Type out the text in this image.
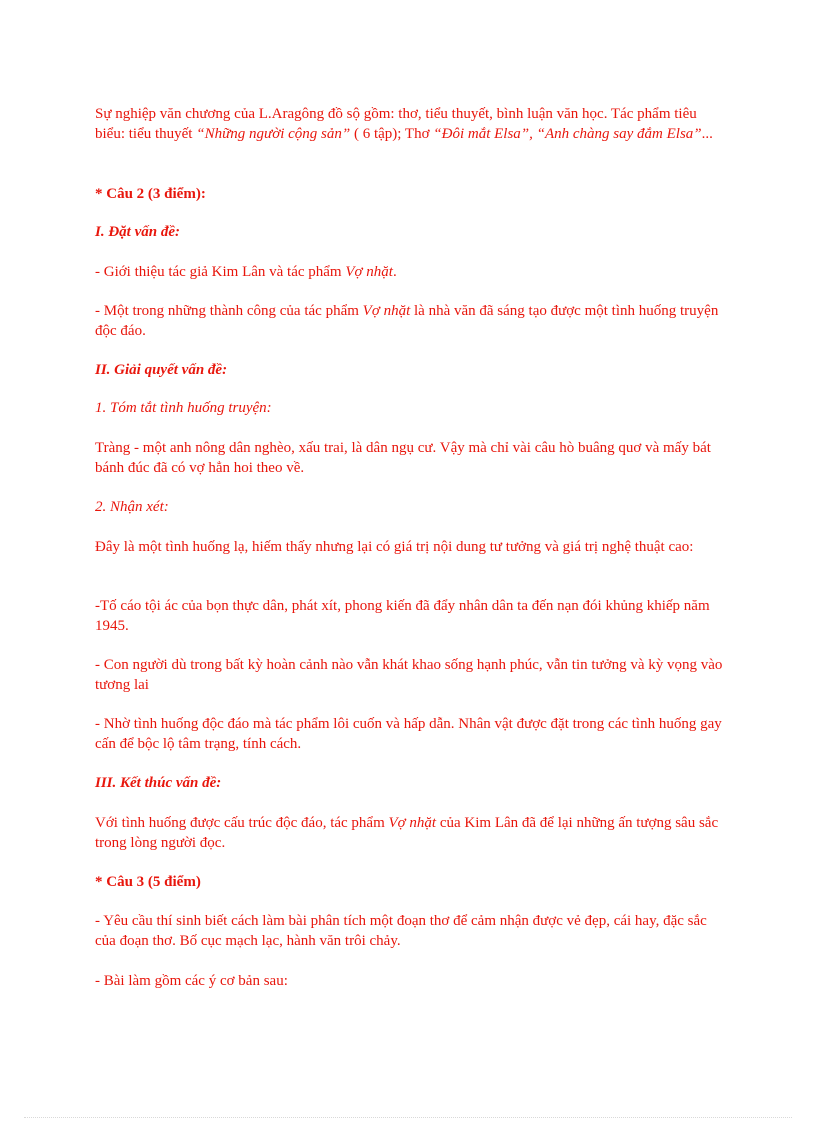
Sự nghiệp văn chương của L.Aragông đồ sộ gồm: thơ, tiểu thuyết, bình luận văn học. Tác phẩm tiêu biểu: tiểu thuyết “Những người cộng sản” ( 6 tập); Thơ “Đôi mắt Elsa”, “Anh chàng say đắm Elsa”...

* Câu 2 (3 điểm):

I. Đặt vấn đề:

- Giới thiệu tác giả Kim Lân và tác phẩm Vợ nhặt.

- Một trong những thành công của tác phẩm Vợ nhặt là nhà văn đã sáng tạo được một tình huống truyện độc đáo.

II. Giải quyết vấn đề:

1. Tóm tắt tình huống truyện:

Tràng - một anh nông dân nghèo, xấu trai, là dân ngụ cư. Vậy mà chỉ vài câu hò buâng quơ và mấy bát bánh đúc đã có vợ hẳn hoi theo về.

2. Nhận xét:

Đây là một tình huống lạ, hiếm thấy nhưng lại có giá trị nội dung tư tưởng và giá trị nghệ thuật cao:

-Tố cáo tội ác của bọn thực dân, phát xít, phong kiến đã đẩy nhân dân ta đến nạn đói khủng khiếp năm 1945.

- Con người dù trong bất kỳ hoàn cảnh nào vẫn khát khao sống hạnh phúc, vẫn tin tưởng và kỳ vọng vào tương lai

- Nhờ tình huống độc đáo mà tác phẩm lôi cuốn và hấp dẫn. Nhân vật được đặt trong các tình huống gay cấn để bộc lộ tâm trạng, tính cách.

III. Kết thúc vấn đề:

Với tình huống được cấu trúc độc đáo, tác phẩm Vợ nhặt của Kim Lân đã để lại những ấn tượng sâu sắc trong lòng người đọc.

* Câu 3 (5 điểm)

- Yêu cầu thí sinh biết cách làm bài phân tích một đoạn thơ để cảm nhận được vẻ đẹp, cái hay, đặc sắc của đoạn thơ. Bố cục mạch lạc, hành văn trôi chảy.

- Bài làm gồm các ý cơ bản sau:
